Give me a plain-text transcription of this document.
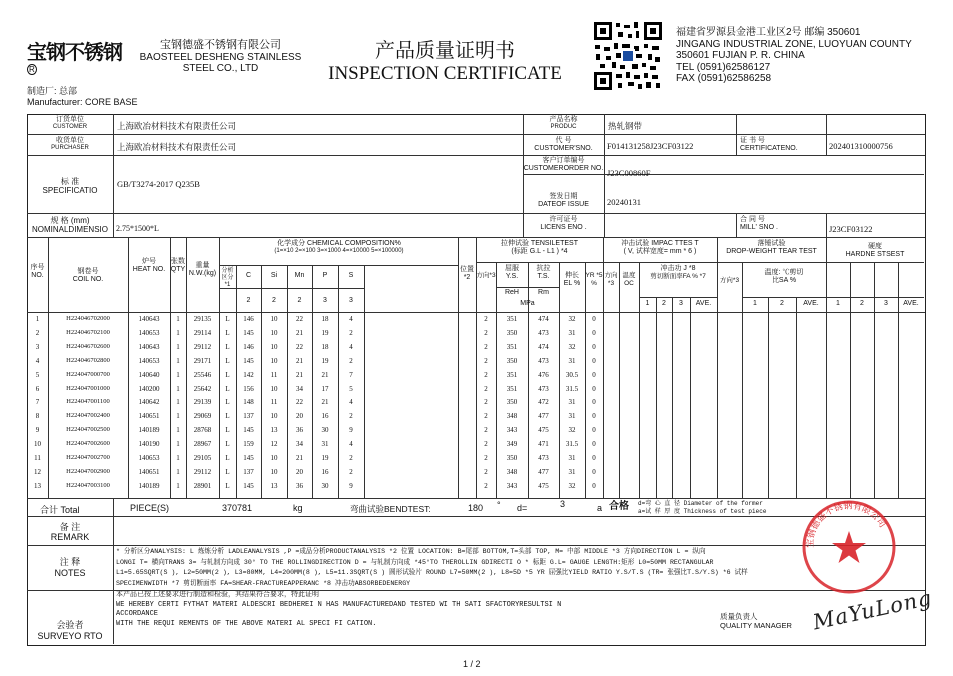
宝钢不锈钢$^R$
宝钢德盛不锈钢有限公司
BAOSTEEL DESHENG STAINLESS
STEEL CO., LTD
产品质量证明书
INSPECTION CERTIFICATE
福建省罗源县金港工业区2号 邮编 350601
JINGANG INDUSTRIAL ZONE, LUOYUAN COUNTY
350601 FUJIAN P. R. CHINA
TEL (0591)62586127
FAX (0591)62586258
制造厂: 总部
Manufacturer: CORE BASE
订货单位
CUSTOMER	上海欧冶材料技术有限责任公司
收货单位
PURCHASER	上海欧冶材料技术有限责任公司
标 准
SPECIFICATIO
GB/T3274-2017 Q235B
规 格 (mm)
NOMINALDIMENSIO	2.75*1500*L
产品名称
PRODUC	热轧钢带
代 号
CUSTOMER'SNO.	F014131258J23CF03122
证 书 号
CERTIFICATENO.	202401310000756
客户订单编号
CUSTOMERORDER NO. J23C00860F
签发日期
DATEOF ISSUE	20240131
许可证号
LICENS ENO .
合 同 号
MILL' SNO .	J23CF03122
序号
NO.
钢卷号
COIL NO.
炉号
HEAT NO.
张数
QTY
重量
N.W.(kg)
化学成分 CHEMICAL COMPOSITION%
(1=×10 2=×100 3=×1000 4=×10000 5=×100000)
分析区分*1
C	Si	Mn	P	S
2	2	2	3	3
位置*2
拉伸试验 TENSILETEST
(标距 G.L - L1 ) *4
方向*3
屈服
Y.S.
抗拉
T.S.
ReH	Rm
MPa
伸长
EL %
YR *5 %
冲击试验 IMPAC TTES T
( V, 试样宽度= mm * 6 )
方向*3
温度 OC
冲击功 J *8
剪切断面率FA % *7
1	2	3	AVE.
落锤试验
DROP-WEIGHT TEAR TEST
方向*3
温度: ℃剪切
比SA %
1	2	AVE.
硬度
HARDNE STSEST
1	2	3	AVE.
1	H224046702000	140643	1	29135	L	146	10	22	18	4	2	351	474	32	0
2	H224046702100	140653	1	29114	L	145	10	21	19	2	2	350	473	31	0
3	H224046702600	140643	1	29112	L	146	10	22	18	4	2	351	474	32	0
4	H224046702800	140653	1	29171	L	145	10	21	19	2	2	350	473	31	0
5	H224047000700	140640	1	25546	L	142	11	21	21	7	2	351	476	30.5	0
6	H224047001000	140200	1	25642	L	156	10	34	17	5	2	351	473	31.5	0
7	H224047001100	140642	1	29139	L	148	11	22	21	4	2	350	472	31	0
8	H224047002400	140651	1	29069	L	137	10	20	16	2	2	348	477	31	0
9	H224047002500	140189	1	28768	L	145	13	36	30	9	2	343	475	32	0
10	H224047002600	140190	1	28967	L	159	12	34	31	4	2	349	471	31.5	0
11	H224047002700	140653	1	29105	L	145	10	21	19	2	2	350	473	31	0
12	H224047002900	140651	1	29112	L	137	10	20	16	2	2	348	477	31	0
13	H224047003100	140189	1	28901	L	145	13	36	30	9	2	343	475	32	0
合计 Total	PIECE(S)	370781	kg	弯曲试验BENDTEST:	180 ° d=	3	a 合格 d=弯 心 直 径 Diameter of the former
a=试 样 厚 度 Thickness of test piece
备 注
REMARK
注 释
NOTES
* 分析区分ANALYSIS: L 炼炼分析 LADLEANALYSIS ,P =成品分析PRODUCTANALYSIS *2 位置 LOCATION: B=尾部 BOTTOM,T=头部 TOP, M= 中部 MIDDLE *3 方向DIRECTION L = 纵向
LONGI T= 横向TRANS 3= 与轧制方向成 30° TO THE ROLLINGDIRECTION D = 与轧制方向成 *45°TO THEROLLIN GDIRECTI O * 标距 G.L= GAUGE LENGTH:矩形 L0=50MM RECTANGULAR
L1=5.65SQRT(S ), L2=50MM(2 ), L3=80MM, L4=200MM(8 ), L5=11.3SQRT(S ) 圆形试验片 ROUND L7=50MM(2 ), L8=5D *5 YR 屈强比YIELD RATIO Y.S/T.S (TR= 张强比T.S/Y.S) *6 试样
SPECIMENWIDTH *7 剪切断面率 FA=SHEAR-FRACTUREAPPERANC *8 冲击功ABSORBEDENERGY
会验者
SURVEYO RTO
本产品已按上述要求进行制造和检验，其结果符合要求，特此证明
WE HEREBY CERTI FYTHAT MATERI ALDESCRI BEDHEREI N HAS MANUFACTUREDAND TESTED WI TH SATI SFACTORYRESULTSI N
ACCORDANCE
WITH THE REQUI REMENTS OF THE ABOVE MATERI AL SPECI FI CATION.
质量负责人
QUALITY MANAGER MaYuLong
宝钢德盛不锈钢有限公司
1 / 2
